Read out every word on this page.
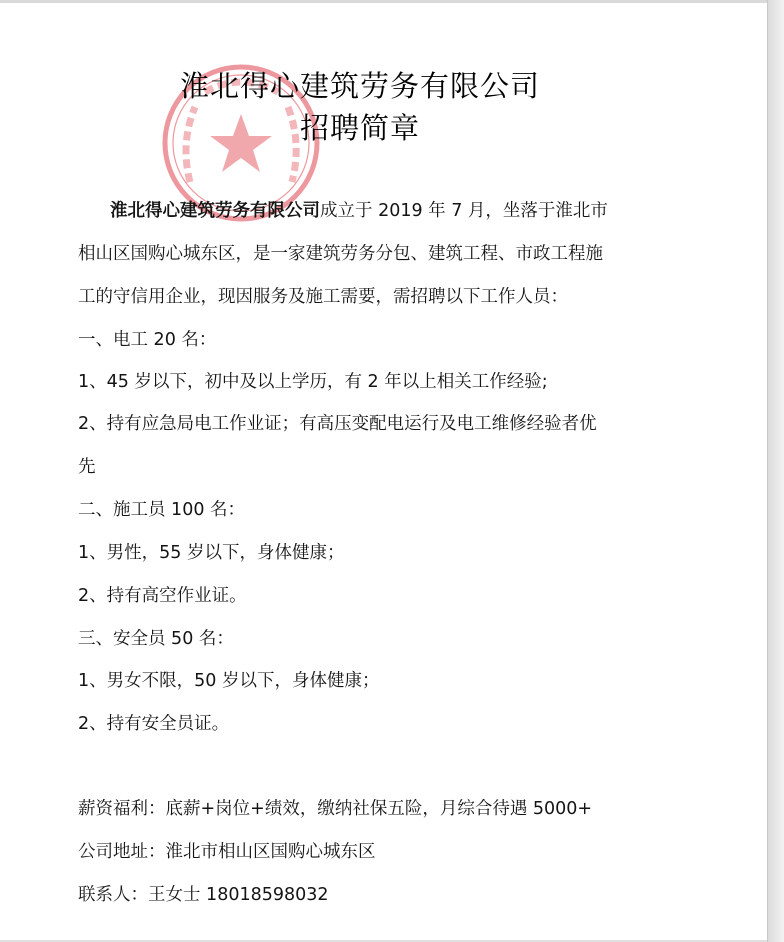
淮北得心建筑劳务有限公司
招聘简章
淮北得心建筑劳务有限公司成立于 2019 年 7 月，坐落于淮北市
相山区国购心城东区，是一家建筑劳务分包、建筑工程、市政工程施
工的守信用企业，现因服务及施工需要，需招聘以下工作人员：
一、电工 20 名：
1、45 岁以下，初中及以上学历，有 2 年以上相关工作经验;
2、持有应急局电工作业证；有高压变配电运行及电工维修经验者优
先
二、施工员 100 名：
1、男性，55 岁以下，身体健康；
2、持有高空作业证。
三、安全员 50 名：
1、男女不限，50 岁以下，身体健康；
2、持有安全员证。
薪资福利：底薪+岗位+绩效，缴纳社保五险，月综合待遇 5000+
公司地址：淮北市相山区国购心城东区
联系人：王女士 18018598032
